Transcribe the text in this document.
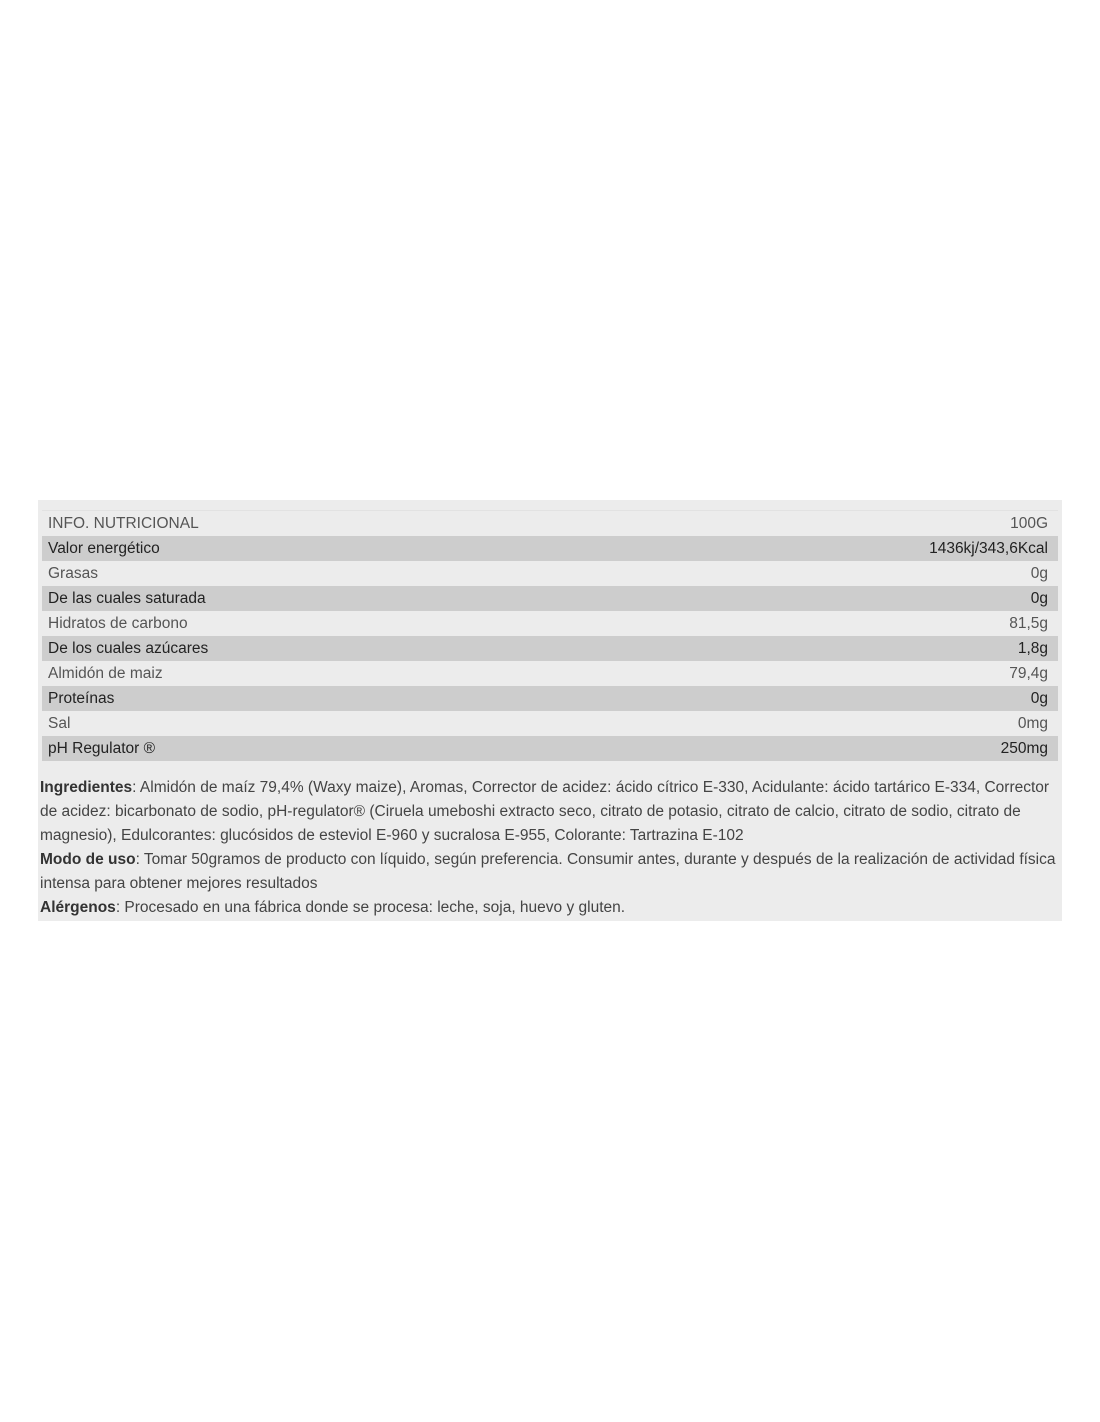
INFO. NUTRICIONAL	100G
Valor energético	1436kj/343,6Kcal
Grasas	0g
De las cuales saturada	0g
Hidratos de carbono	81,5g
De los cuales azúcares	1,8g
Almidón de maiz	79,4g
Proteínas	0g
Sal	0mg
pH Regulator ®	250mg

Ingredientes: Almidón de maíz 79,4% (Waxy maize), Aromas, Corrector de acidez: ácido cítrico E-330, Acidulante: ácido tartárico E-334, Corrector de acidez: bicarbonato de sodio, pH-regulator® (Ciruela umeboshi extracto seco, citrato de potasio, citrato de calcio, citrato de sodio, citrato de magnesio), Edulcorantes: glucósidos de esteviol E-960 y sucralosa E-955, Colorante: Tartrazina E-102

Modo de uso: Tomar 50gramos de producto con líquido, según preferencia. Consumir antes, durante y después de la realización de actividad física intensa para obtener mejores resultados

Alérgenos: Procesado en una fábrica donde se procesa: leche, soja, huevo y gluten.
